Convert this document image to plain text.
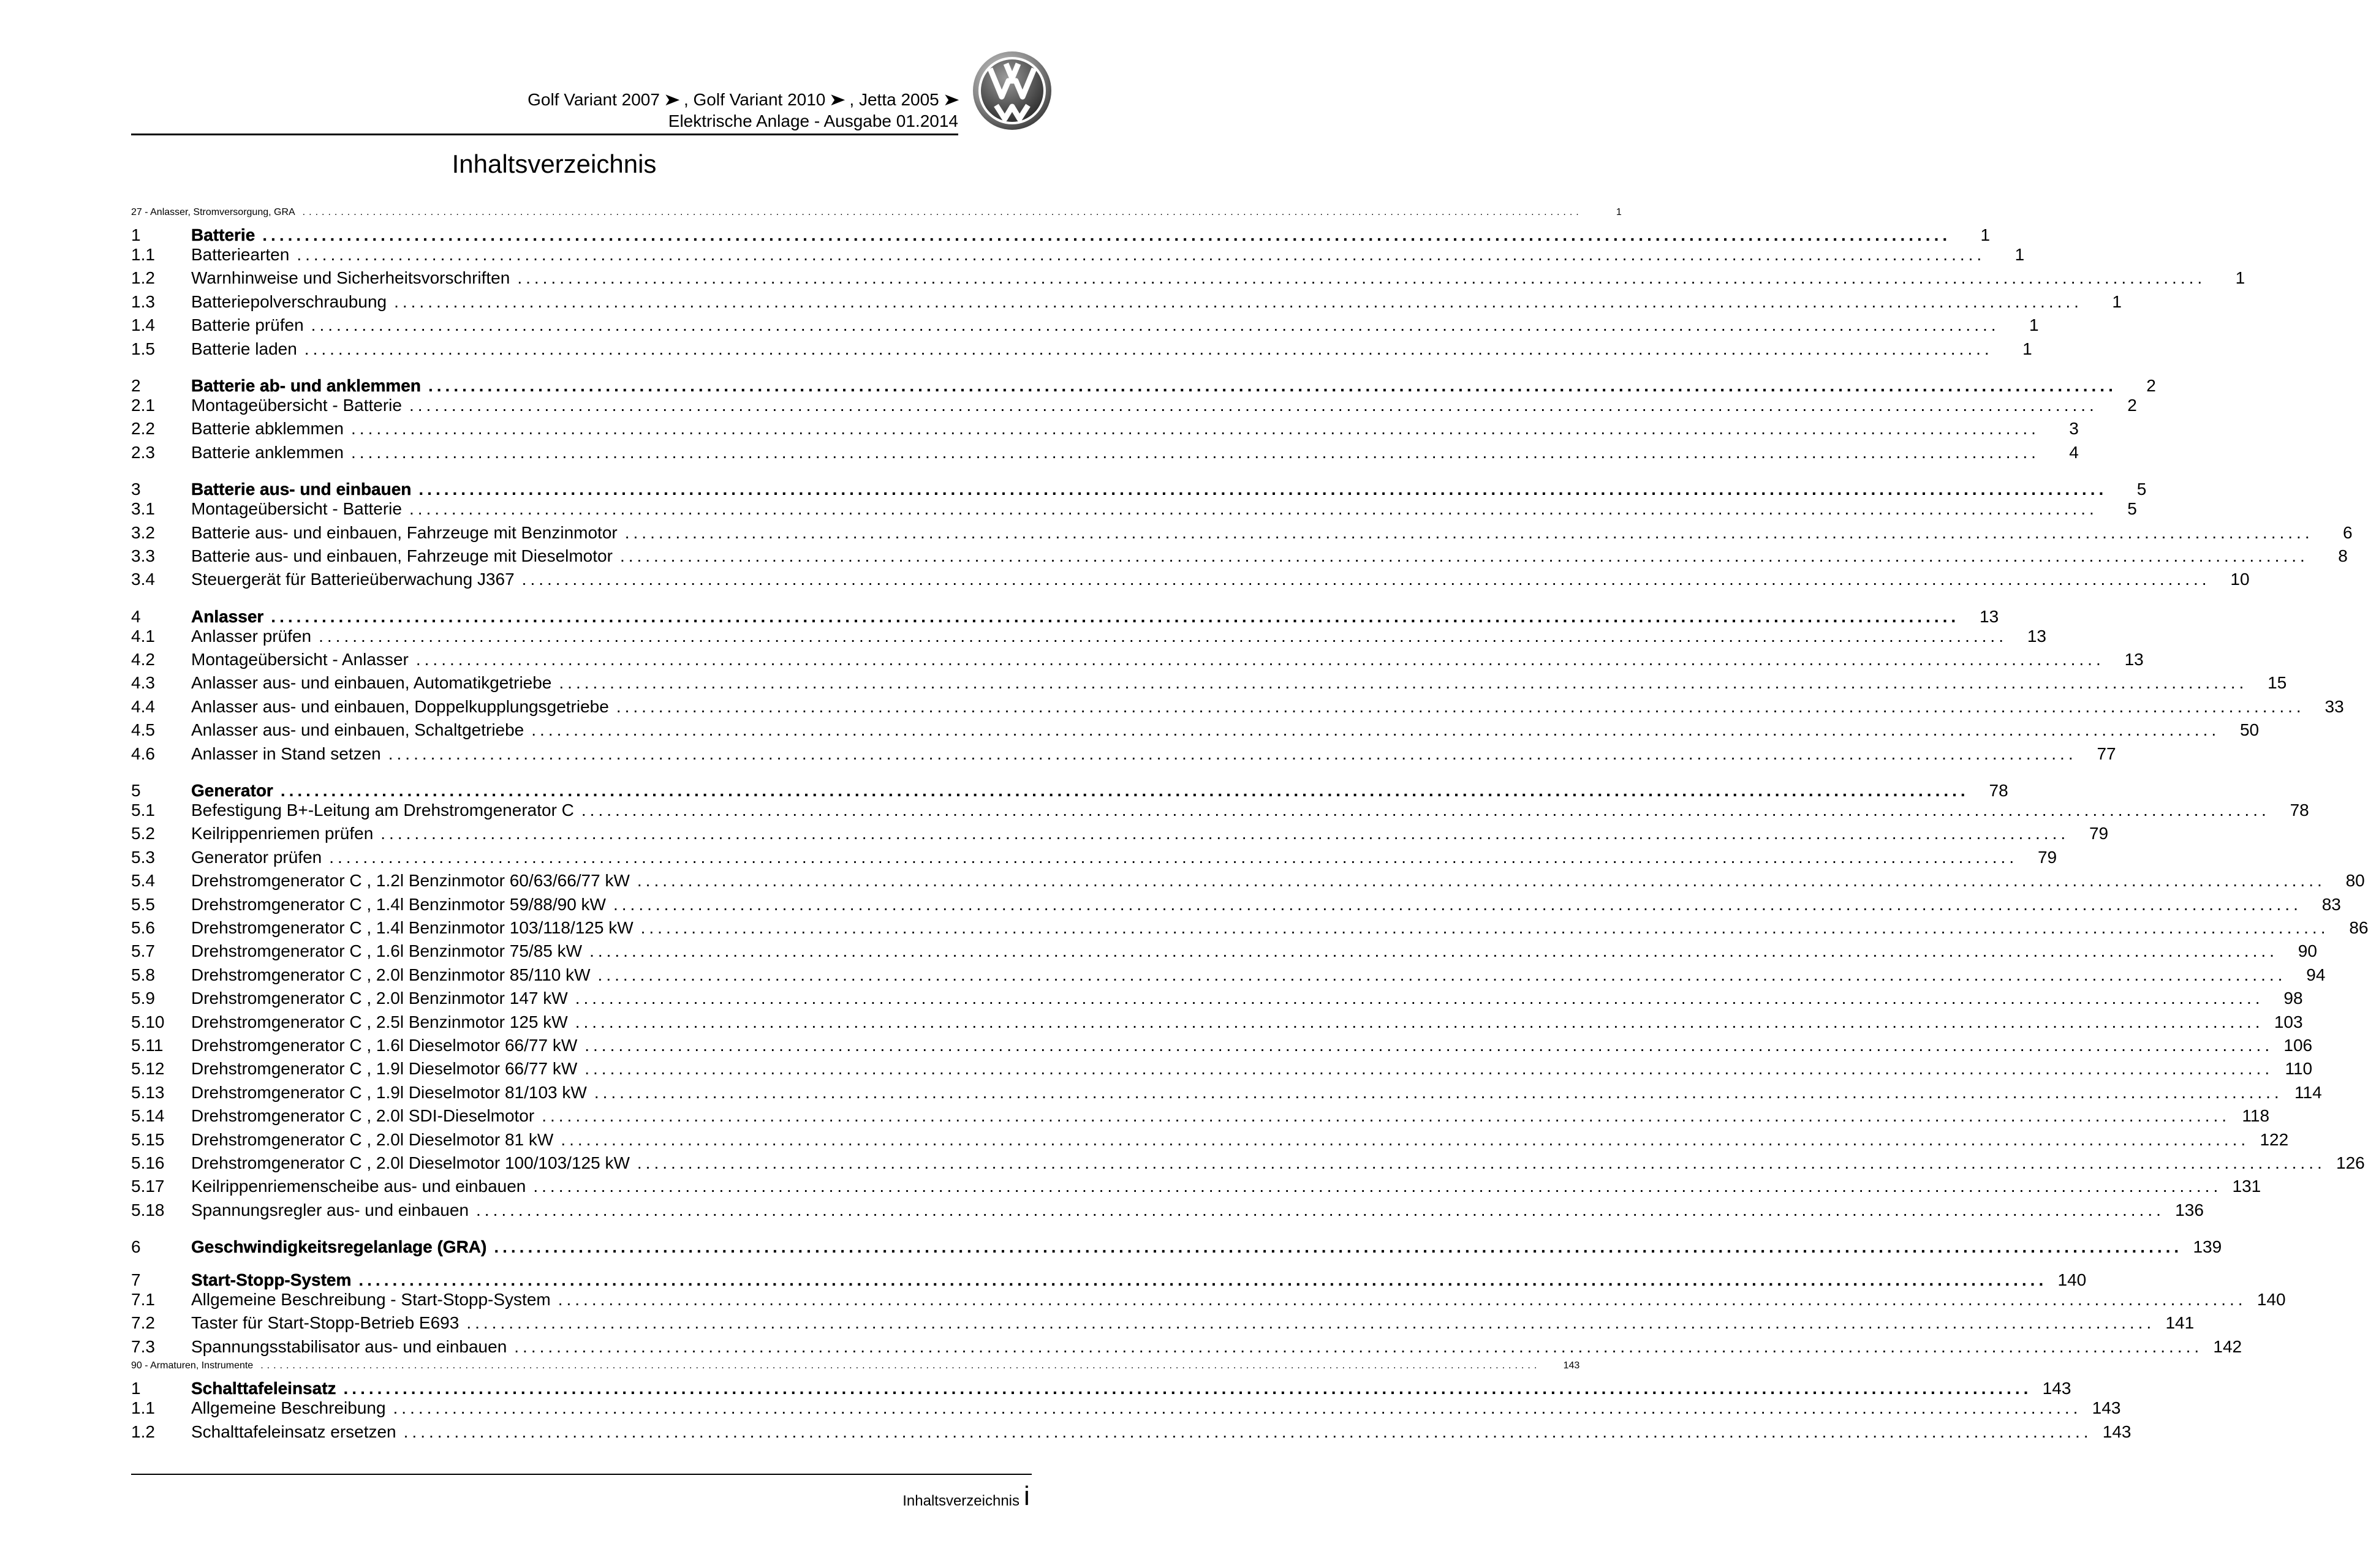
Golf Variant 2007 ➤ , Golf Variant 2010 ➤ , Jetta 2005 ➤
Elektrische Anlage - Ausgabe 01.2014
Inhaltsverzeichnis
27 - Anlasser, Stromversorgung, GRA ........................................................................................................................................................................................................	1
1	Batterie ........................................................................................................................................................................................................	1
1.1	Batteriearten ........................................................................................................................................................................................................	1
1.2	Warnhinweise und Sicherheitsvorschriften ........................................................................................................................................................................................................	1
1.3	Batteriepolverschraubung ........................................................................................................................................................................................................	1
1.4	Batterie prüfen ........................................................................................................................................................................................................	1
1.5	Batterie laden ........................................................................................................................................................................................................	1
2	Batterie ab- und anklemmen ........................................................................................................................................................................................................	2
2.1	Montageübersicht - Batterie ........................................................................................................................................................................................................	2
2.2	Batterie abklemmen ........................................................................................................................................................................................................	3
2.3	Batterie anklemmen ........................................................................................................................................................................................................	4
3	Batterie aus- und einbauen ........................................................................................................................................................................................................	5
3.1	Montageübersicht - Batterie ........................................................................................................................................................................................................	5
3.2	Batterie aus- und einbauen, Fahrzeuge mit Benzinmotor ........................................................................................................................................................................................................	6
3.3	Batterie aus- und einbauen, Fahrzeuge mit Dieselmotor ........................................................................................................................................................................................................	8
3.4	Steuergerät für Batterieüberwachung J367 ........................................................................................................................................................................................................	10
4	Anlasser ........................................................................................................................................................................................................	13
4.1	Anlasser prüfen ........................................................................................................................................................................................................	13
4.2	Montageübersicht - Anlasser ........................................................................................................................................................................................................	13
4.3	Anlasser aus- und einbauen, Automatikgetriebe ........................................................................................................................................................................................................	15
4.4	Anlasser aus- und einbauen, Doppelkupplungsgetriebe ........................................................................................................................................................................................................	33
4.5	Anlasser aus- und einbauen, Schaltgetriebe ........................................................................................................................................................................................................	50
4.6	Anlasser in Stand setzen ........................................................................................................................................................................................................	77
5	Generator ........................................................................................................................................................................................................	78
5.1	Befestigung B+-Leitung am Drehstromgenerator C ........................................................................................................................................................................................................	78
5.2	Keilrippenriemen prüfen ........................................................................................................................................................................................................	79
5.3	Generator prüfen ........................................................................................................................................................................................................	79
5.4	Drehstromgenerator C , 1.2l Benzinmotor 60/63/66/77 kW ........................................................................................................................................................................................................	80
5.5	Drehstromgenerator C , 1.4l Benzinmotor 59/88/90 kW ........................................................................................................................................................................................................	83
5.6	Drehstromgenerator C , 1.4l Benzinmotor 103/118/125 kW ........................................................................................................................................................................................................	86
5.7	Drehstromgenerator C , 1.6l Benzinmotor 75/85 kW ........................................................................................................................................................................................................	90
5.8	Drehstromgenerator C , 2.0l Benzinmotor 85/110 kW ........................................................................................................................................................................................................	94
5.9	Drehstromgenerator C , 2.0l Benzinmotor 147 kW ........................................................................................................................................................................................................	98
5.10	Drehstromgenerator C , 2.5l Benzinmotor 125 kW ........................................................................................................................................................................................................ 103
5.11	Drehstromgenerator C , 1.6l Dieselmotor 66/77 kW ........................................................................................................................................................................................................ 106
5.12	Drehstromgenerator C , 1.9l Dieselmotor 66/77 kW ........................................................................................................................................................................................................ 110
5.13	Drehstromgenerator C , 1.9l Dieselmotor 81/103 kW ........................................................................................................................................................................................................ 114
5.14	Drehstromgenerator C , 2.0l SDI-Dieselmotor ........................................................................................................................................................................................................ 118
5.15	Drehstromgenerator C , 2.0l Dieselmotor 81 kW ........................................................................................................................................................................................................ 122
5.16	Drehstromgenerator C , 2.0l Dieselmotor 100/103/125 kW ........................................................................................................................................................................................................ 126
5.17	Keilrippenriemenscheibe aus- und einbauen ........................................................................................................................................................................................................ 131
5.18	Spannungsregler aus- und einbauen ........................................................................................................................................................................................................ 136
6	Geschwindigkeitsregelanlage (GRA) ........................................................................................................................................................................................................ 139
7	Start-Stopp-System ........................................................................................................................................................................................................ 140
7.1	Allgemeine Beschreibung - Start-Stopp-System ........................................................................................................................................................................................................ 140
7.2	Taster für Start-Stopp-Betrieb E693 ........................................................................................................................................................................................................ 141
7.3	Spannungsstabilisator aus- und einbauen ........................................................................................................................................................................................................ 142
90 - Armaturen, Instrumente ........................................................................................................................................................................................................	143
1	Schalttafeleinsatz ........................................................................................................................................................................................................ 143
1.1	Allgemeine Beschreibung ........................................................................................................................................................................................................ 143
1.2	Schalttafeleinsatz ersetzen ........................................................................................................................................................................................................ 143
Inhaltsverzeichnis i
